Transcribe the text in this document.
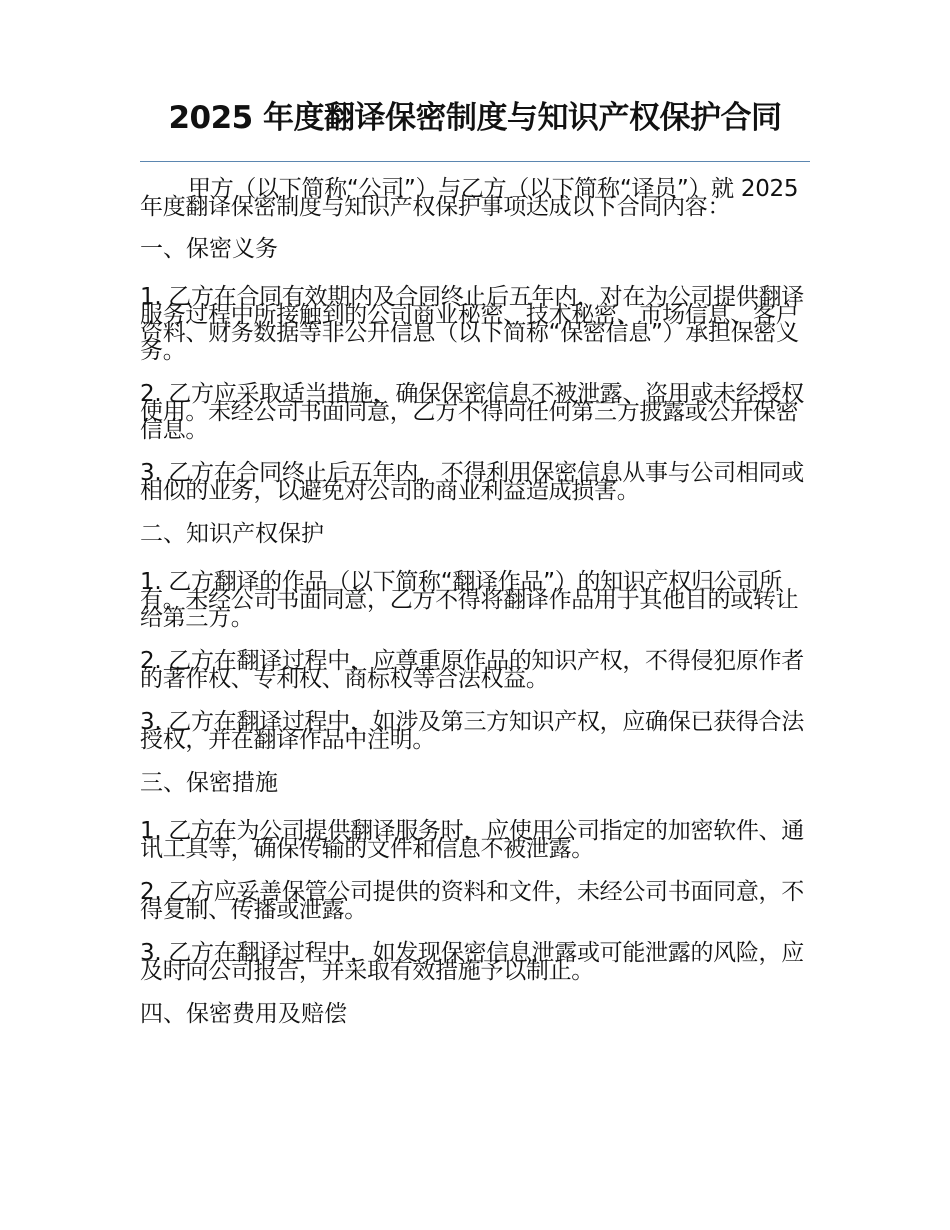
2025 年度翻译保密制度与知识产权保护合同

甲方（以下简称“公司”）与乙方（以下简称“译员”）就 2025 年度翻译保密制度与知识产权保护事项达成以下合同内容：

一、保密义务

1. 乙方在合同有效期内及合同终止后五年内，对在为公司提供翻译服务过程中所接触到的公司商业秘密、技术秘密、市场信息、客户资料、财务数据等非公开信息（以下简称“保密信息”）承担保密义务。

2. 乙方应采取适当措施，确保保密信息不被泄露、盗用或未经授权使用。未经公司书面同意，乙方不得向任何第三方披露或公开保密信息。

3. 乙方在合同终止后五年内，不得利用保密信息从事与公司相同或相似的业务，以避免对公司的商业利益造成损害。

二、知识产权保护

1. 乙方翻译的作品（以下简称“翻译作品”）的知识产权归公司所有。未经公司书面同意，乙方不得将翻译作品用于其他目的或转让给第三方。

2. 乙方在翻译过程中，应尊重原作品的知识产权，不得侵犯原作者的著作权、专利权、商标权等合法权益。

3. 乙方在翻译过程中，如涉及第三方知识产权，应确保已获得合法授权，并在翻译作品中注明。

三、保密措施

1. 乙方在为公司提供翻译服务时，应使用公司指定的加密软件、通讯工具等，确保传输的文件和信息不被泄露。

2. 乙方应妥善保管公司提供的资料和文件，未经公司书面同意，不得复制、传播或泄露。

3. 乙方在翻译过程中，如发现保密信息泄露或可能泄露的风险，应及时向公司报告，并采取有效措施予以制止。

四、保密费用及赔偿
